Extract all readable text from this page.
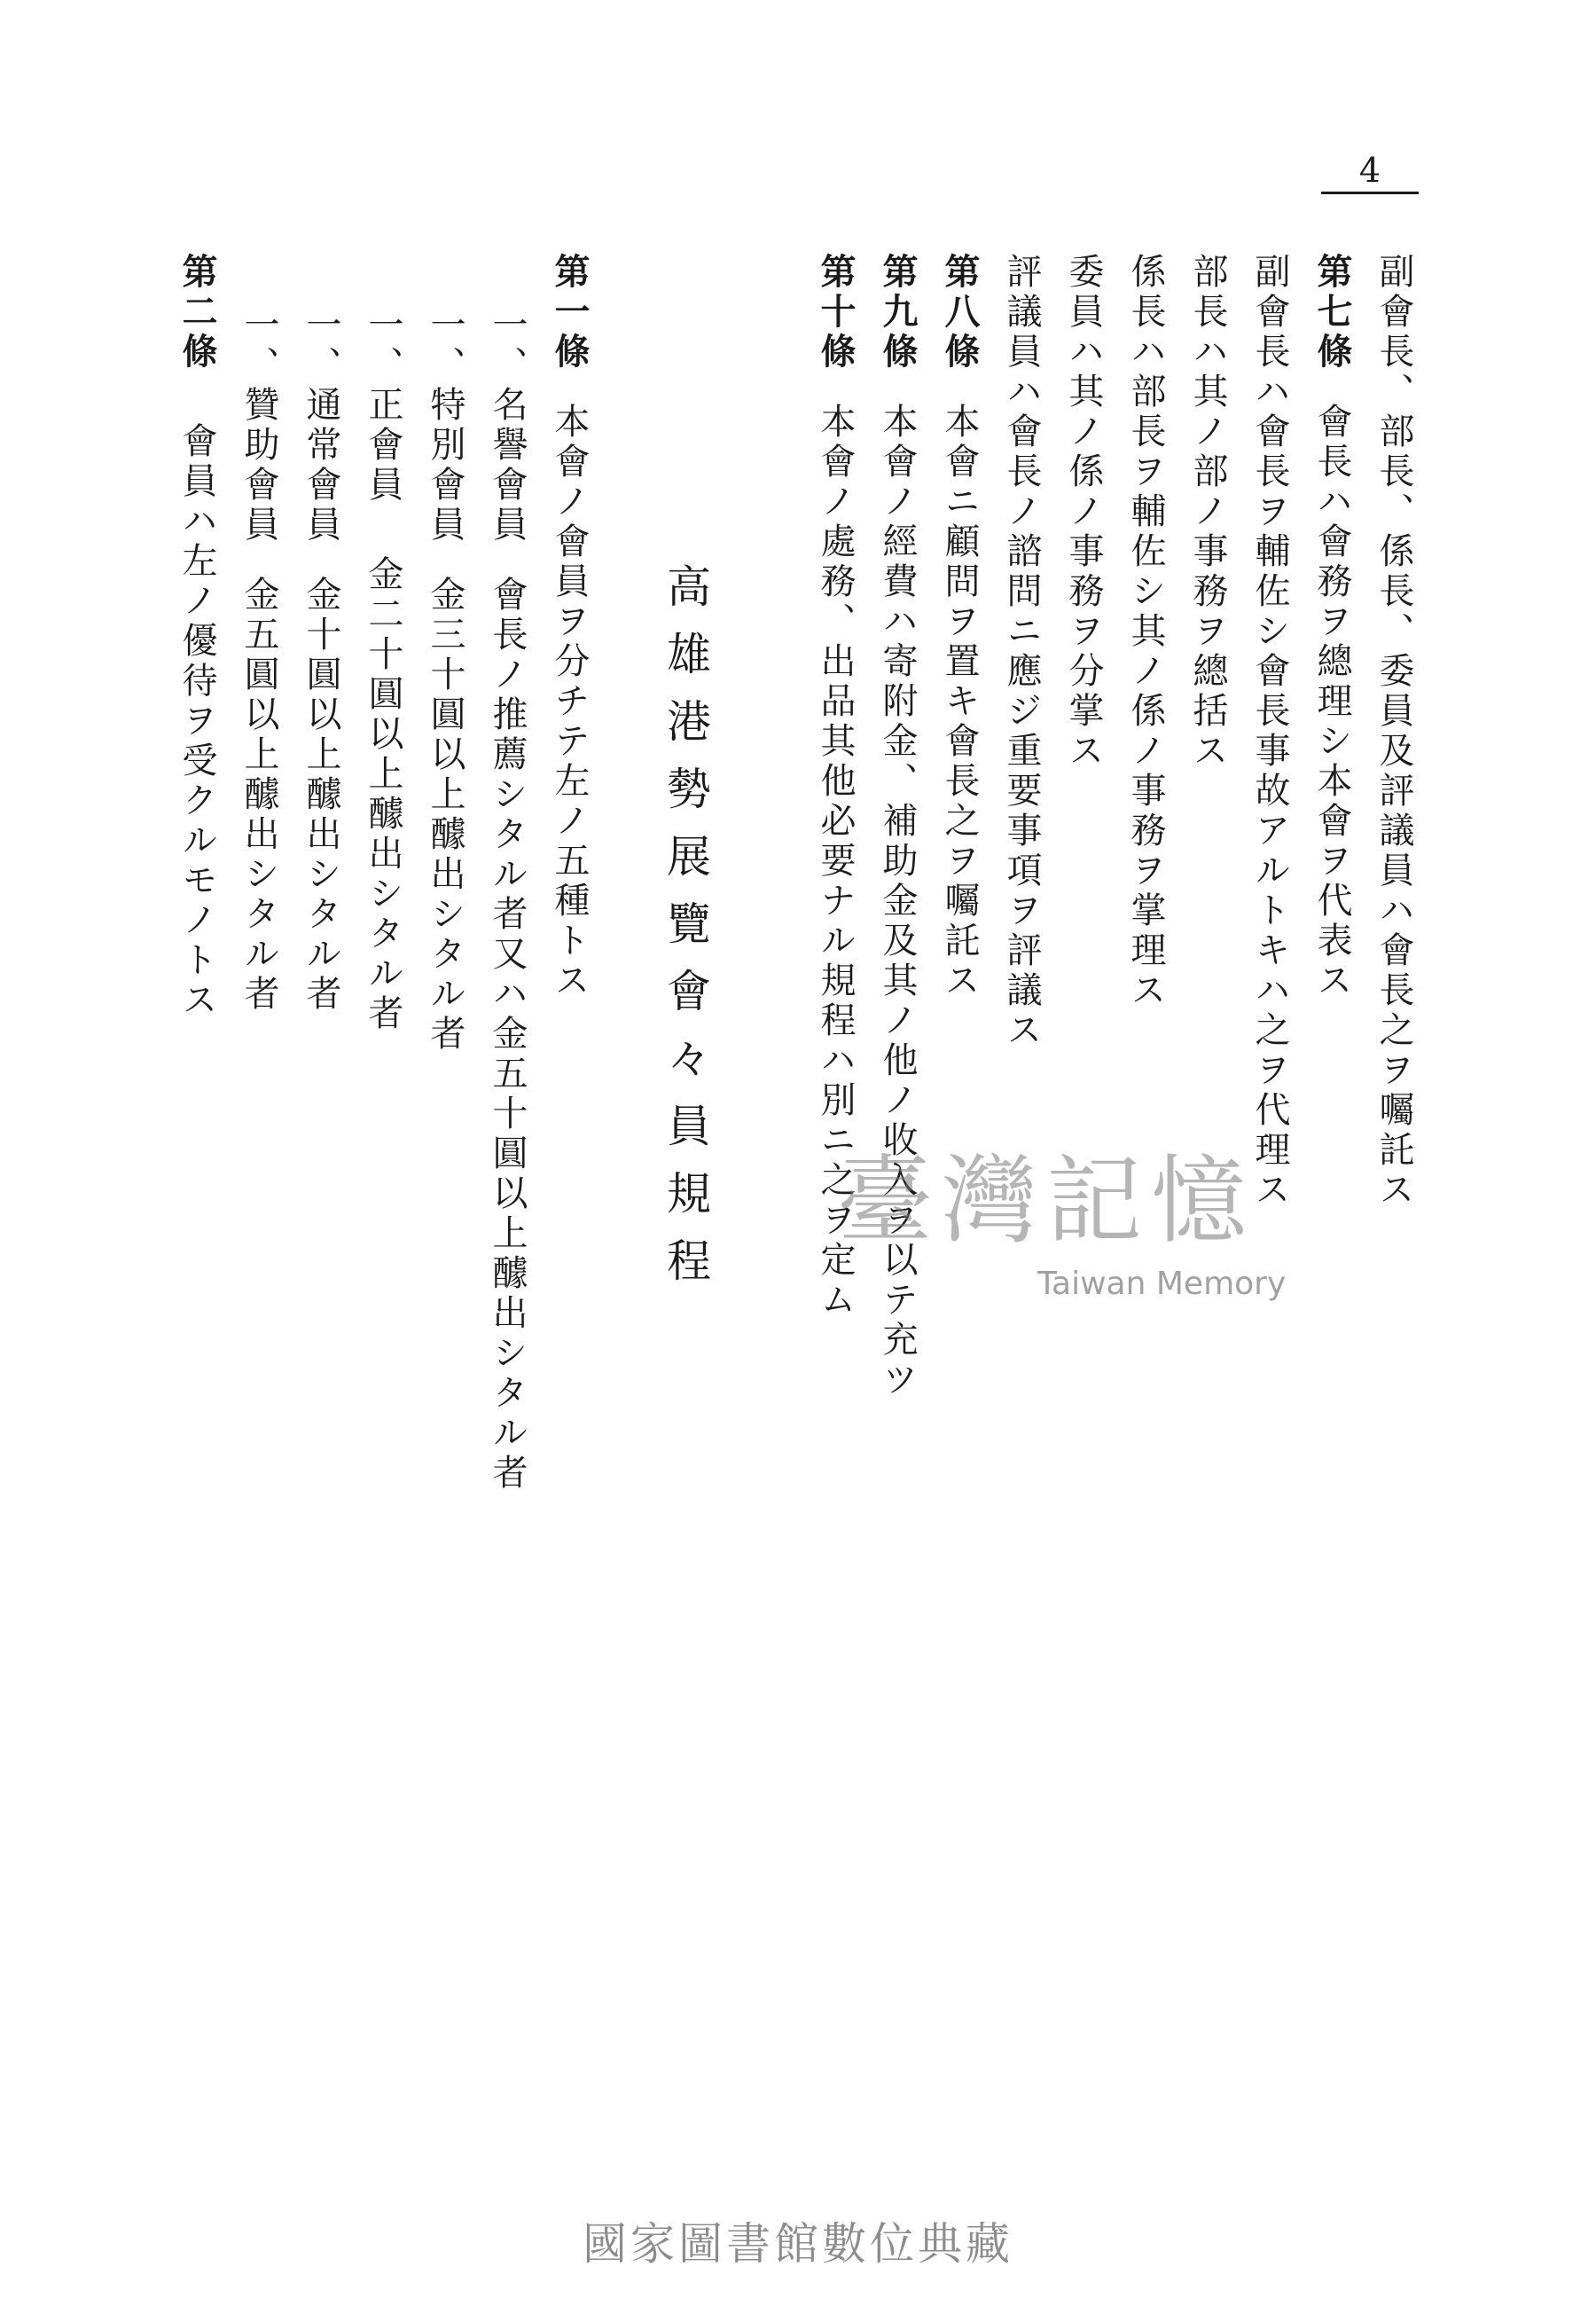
4
副會長、部長、係長、委員及評議員ハ會長之ヲ囑託ス
第七條會長ハ會務ヲ總理シ本會ヲ代表ス
副會長ハ會長ヲ輔佐シ會長事故アルトキハ之ヲ代理ス
部長ハ其ノ部ノ事務ヲ總括ス
係長ハ部長ヲ輔佐シ其ノ係ノ事務ヲ掌理ス
委員ハ其ノ係ノ事務ヲ分掌ス
評議員ハ會長ノ諮問ニ應ジ重要事項ヲ評議ス
第八條本會ニ顧問ヲ置キ會長之ヲ囑託ス
第九條本會ノ經費ハ寄附金、補助金及其ノ他ノ收入ヲ以テ充ツ
第十條本會ノ處務、出品其他必要ナル規程ハ別ニ之ヲ定ム
高雄港勢展覽會々員規程
第一條本會ノ會員ヲ分チテ左ノ五種トス
一、名譽會員會長ノ推薦シタル者又ハ金五十圓以上醵出シタル者
一、特別會員金三十圓以上醵出シタル者
一、正會員金二十圓以上醵出シタル者
一、通常會員金十圓以上醵出シタル者
一、贊助會員金五圓以上醵出シタル者
第二條會員ハ左ノ優待ヲ受クルモノトス
臺灣記憶
Taiwan Memory
國家圖書館數位典藏
